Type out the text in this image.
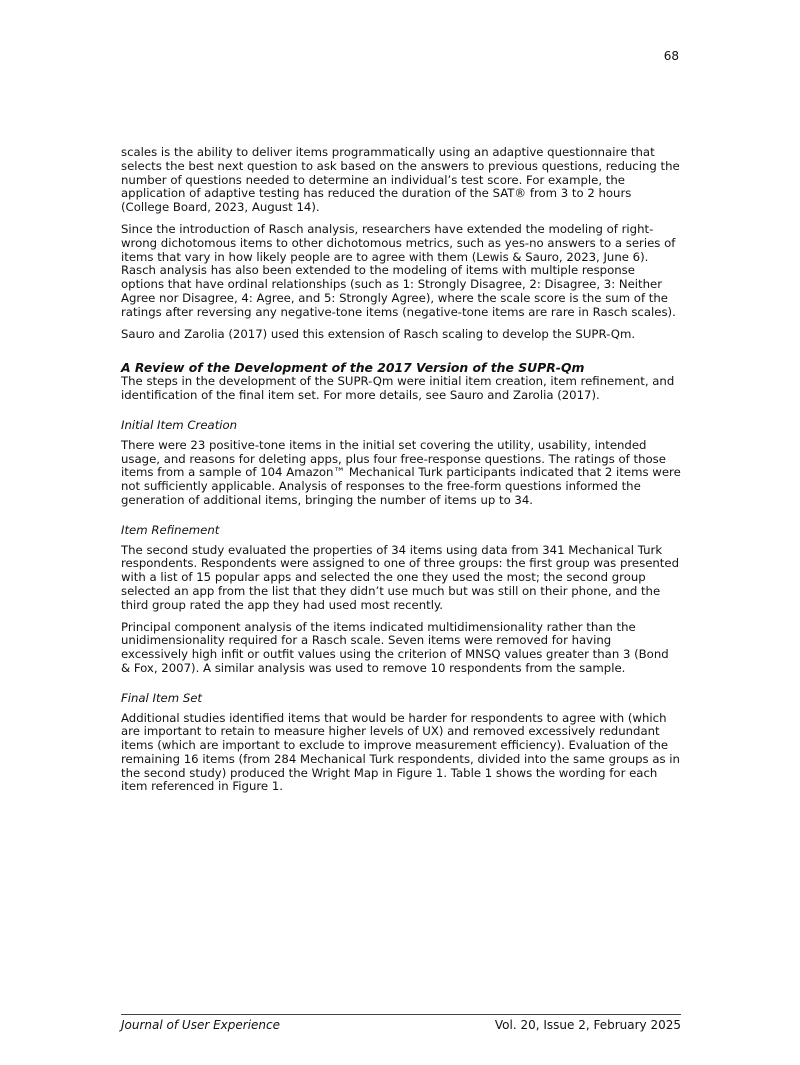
68

scales is the ability to deliver items programmatically using an adaptive questionnaire that selects the best next question to ask based on the answers to previous questions, reducing the number of questions needed to determine an individual’s test score. For example, the application of adaptive testing has reduced the duration of the SAT® from 3 to 2 hours (College Board, 2023, August 14).

Since the introduction of Rasch analysis, researchers have extended the modeling of right-wrong dichotomous items to other dichotomous metrics, such as yes-no answers to a series of items that vary in how likely people are to agree with them (Lewis & Sauro, 2023, June 6). Rasch analysis has also been extended to the modeling of items with multiple response options that have ordinal relationships (such as 1: Strongly Disagree, 2: Disagree, 3: Neither Agree nor Disagree, 4: Agree, and 5: Strongly Agree), where the scale score is the sum of the ratings after reversing any negative-tone items (negative-tone items are rare in Rasch scales).

Sauro and Zarolia (2017) used this extension of Rasch scaling to develop the SUPR-Qm.

A Review of the Development of the 2017 Version of the SUPR-Qm

The steps in the development of the SUPR-Qm were initial item creation, item refinement, and identification of the final item set. For more details, see Sauro and Zarolia (2017).

Initial Item Creation

There were 23 positive-tone items in the initial set covering the utility, usability, intended usage, and reasons for deleting apps, plus four free-response questions. The ratings of those items from a sample of 104 Amazon™ Mechanical Turk participants indicated that 2 items were not sufficiently applicable. Analysis of responses to the free-form questions informed the generation of additional items, bringing the number of items up to 34.

Item Refinement

The second study evaluated the properties of 34 items using data from 341 Mechanical Turk respondents. Respondents were assigned to one of three groups: the first group was presented with a list of 15 popular apps and selected the one they used the most; the second group selected an app from the list that they didn’t use much but was still on their phone, and the third group rated the app they had used most recently.

Principal component analysis of the items indicated multidimensionality rather than the unidimensionality required for a Rasch scale. Seven items were removed for having excessively high infit or outfit values using the criterion of MNSQ values greater than 3 (Bond & Fox, 2007). A similar analysis was used to remove 10 respondents from the sample.

Final Item Set

Additional studies identified items that would be harder for respondents to agree with (which are important to retain to measure higher levels of UX) and removed excessively redundant items (which are important to exclude to improve measurement efficiency). Evaluation of the remaining 16 items (from 284 Mechanical Turk respondents, divided into the same groups as in the second study) produced the Wright Map in Figure 1. Table 1 shows the wording for each item referenced in Figure 1.

Journal of User Experience	Vol. 20, Issue 2, February 2025
